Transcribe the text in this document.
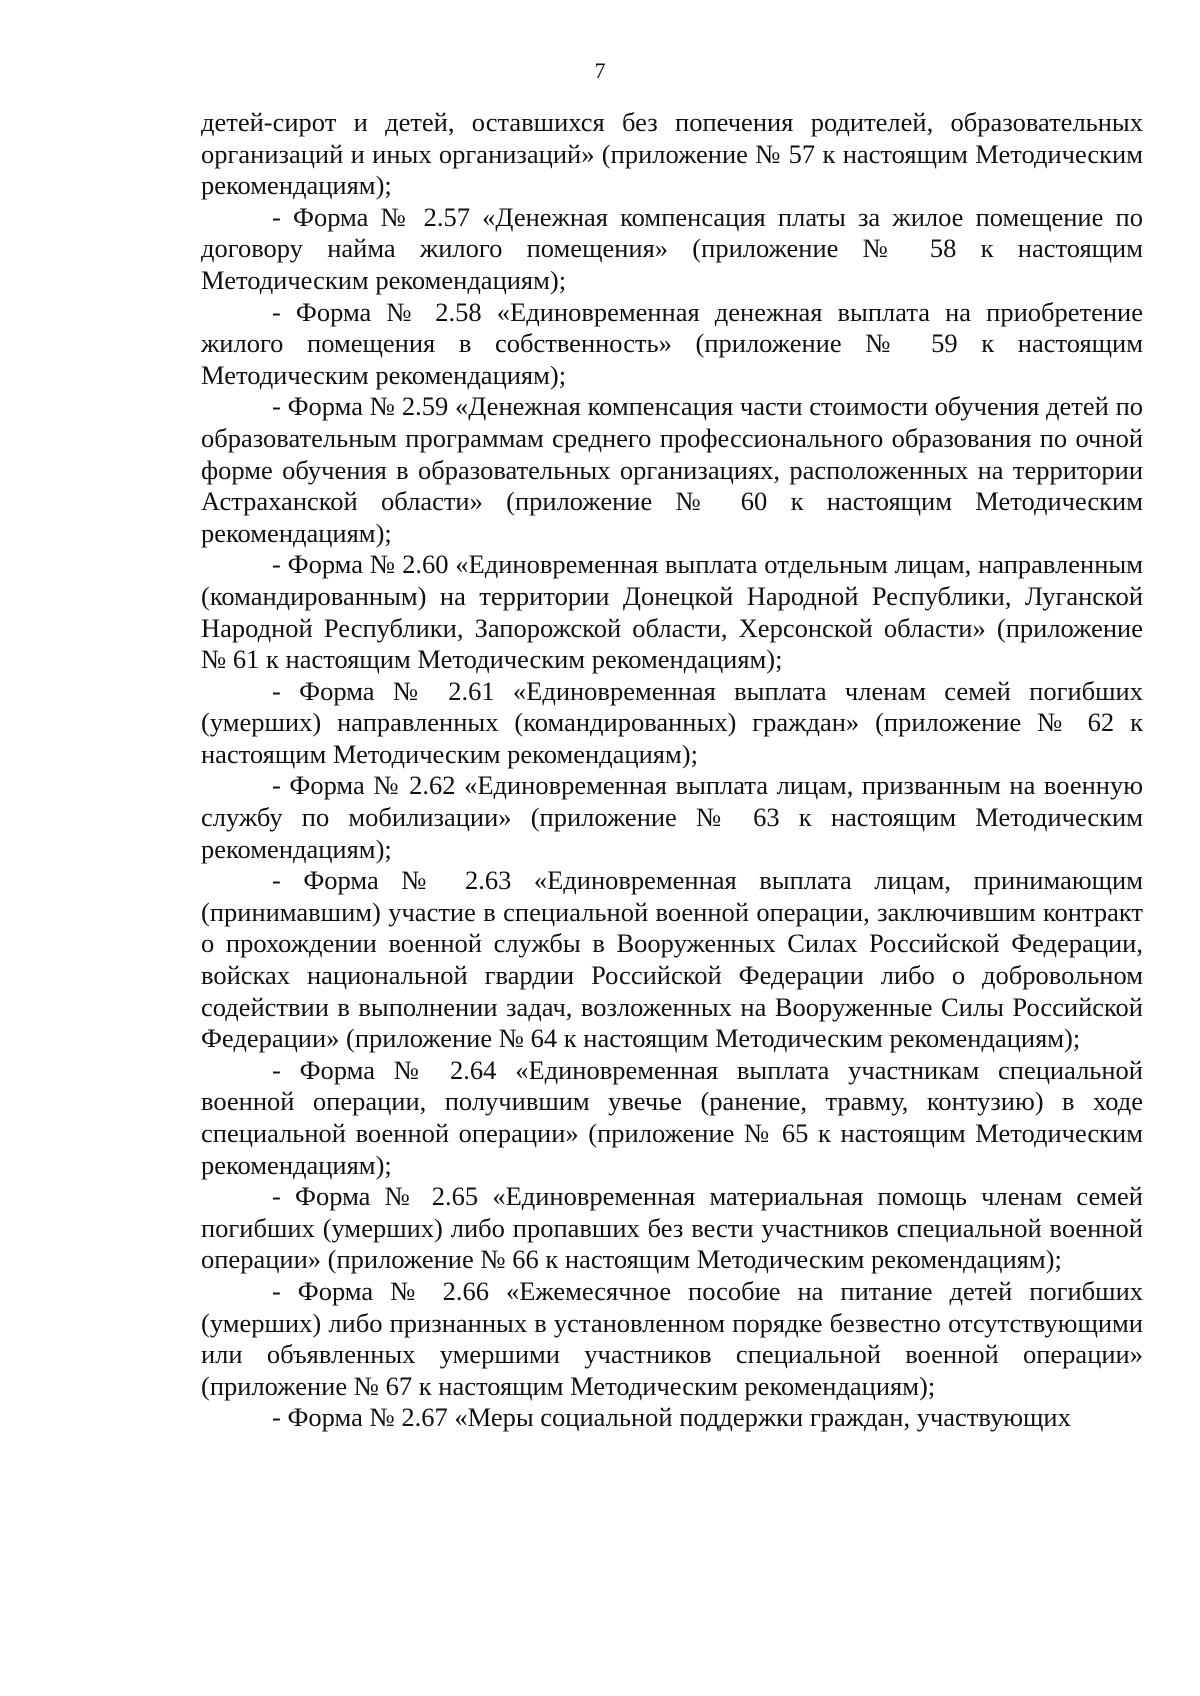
7

детей-сирот и детей, оставшихся без попечения родителей, образовательных организаций и иных организаций» (приложение № 57 к настоящим Методическим рекомендациям);

- Форма № 2.57 «Денежная компенсация платы за жилое помещение по договору найма жилого помещения» (приложение № 58 к настоящим Методическим рекомендациям);

- Форма № 2.58 «Единовременная денежная выплата на приобретение жилого помещения в собственность» (приложение № 59 к настоящим Методическим рекомендациям);

- Форма № 2.59 «Денежная компенсация части стоимости обучения детей по образовательным программам среднего профессионального образования по очной форме обучения в образовательных организациях, расположенных на территории Астраханской области» (приложение № 60 к настоящим Методическим рекомендациям);

- Форма № 2.60 «Единовременная выплата отдельным лицам, направленным (командированным) на территории Донецкой Народной Республики, Луганской Народной Республики, Запорожской области, Херсонской области» (приложение № 61 к настоящим Методическим рекомендациям);

- Форма № 2.61 «Единовременная выплата членам семей погибших (умерших) направленных (командированных) граждан» (приложение № 62 к настоящим Методическим рекомендациям);

- Форма № 2.62 «Единовременная выплата лицам, призванным на военную службу по мобилизации» (приложение № 63 к настоящим Методическим рекомендациям);

- Форма № 2.63 «Единовременная выплата лицам, принимающим (принимавшим) участие в специальной военной операции, заключившим контракт о прохождении военной службы в Вооруженных Силах Российской Федерации, войсках национальной гвардии Российской Федерации либо о добровольном содействии в выполнении задач, возложенных на Вооруженные Силы Российской Федерации» (приложение № 64 к настоящим Методическим рекомендациям);

- Форма № 2.64 «Единовременная выплата участникам специальной военной операции, получившим увечье (ранение, травму, контузию) в ходе специальной военной операции» (приложение № 65 к настоящим Методическим рекомендациям);

- Форма № 2.65 «Единовременная материальная помощь членам семей погибших (умерших) либо пропавших без вести участников специальной военной операции» (приложение № 66 к настоящим Методическим рекомендациям);

- Форма № 2.66 «Ежемесячное пособие на питание детей погибших (умерших) либо признанных в установленном порядке безвестно отсутствующими или объявленных умершими участников специальной военной операции» (приложение № 67 к настоящим Методическим рекомендациям);

- Форма № 2.67 «Меры социальной поддержки граждан, участвующих
